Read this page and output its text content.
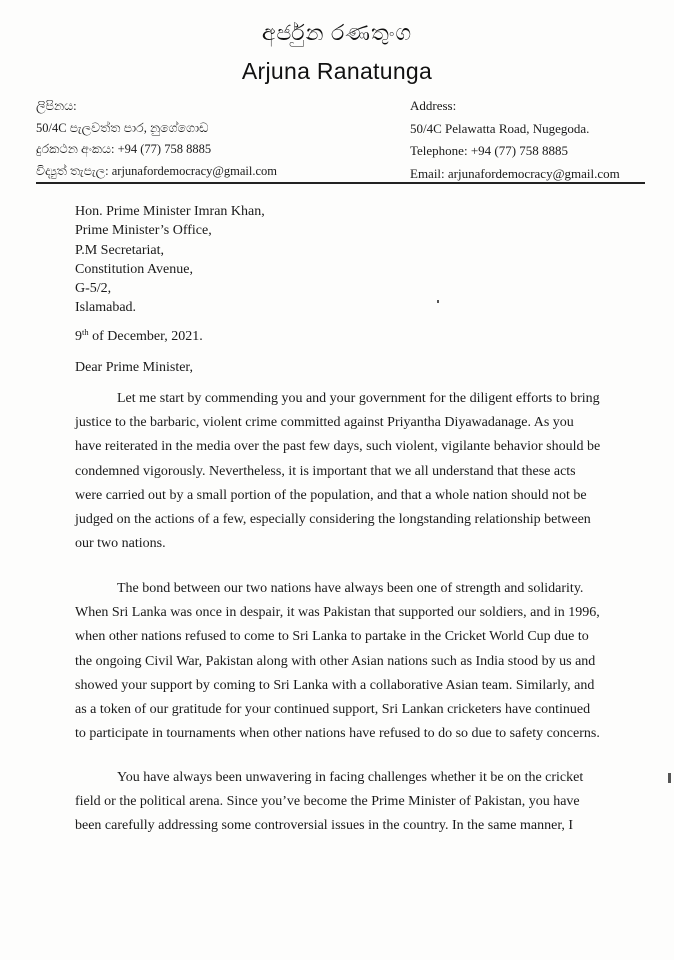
අර්ජුන රණතුංග
Arjuna Ranatunga
ලිපිනය:
50/4C පැලවත්ත පාර, නුගේගොඩ
දුරකථන අංකය: +94 (77) 758 8885
විද්‍යුත් තැපැල: arjunafordemocracy@gmail.com
Address:
50/4C Pelawatta Road, Nugegoda.
Telephone: +94 (77) 758 8885
Email: arjunafordemocracy@gmail.com
Hon. Prime Minister Imran Khan,
Prime Minister’s Office,
P.M Secretariat,
Constitution Avenue,
G-5/2,
Islamabad.
9th of December, 2021.
Dear Prime Minister,
Let me start by commending you and your government for the diligent efforts to bring
justice to the barbaric, violent crime committed against Priyantha Diyawadanage. As you
have reiterated in the media over the past few days, such violent, vigilante behavior should be
condemned vigorously. Nevertheless, it is important that we all understand that these acts
were carried out by a small portion of the population, and that a whole nation should not be
judged on the actions of a few, especially considering the longstanding relationship between
our two nations.
The bond between our two nations have always been one of strength and solidarity.
When Sri Lanka was once in despair, it was Pakistan that supported our soldiers, and in 1996,
when other nations refused to come to Sri Lanka to partake in the Cricket World Cup due to
the ongoing Civil War, Pakistan along with other Asian nations such as India stood by us and
showed your support by coming to Sri Lanka with a collaborative Asian team. Similarly, and
as a token of our gratitude for your continued support, Sri Lankan cricketers have continued
to participate in tournaments when other nations have refused to do so due to safety concerns.
You have always been unwavering in facing challenges whether it be on the cricket
field or the political arena. Since you’ve become the Prime Minister of Pakistan, you have
been carefully addressing some controversial issues in the country. In the same manner, I
